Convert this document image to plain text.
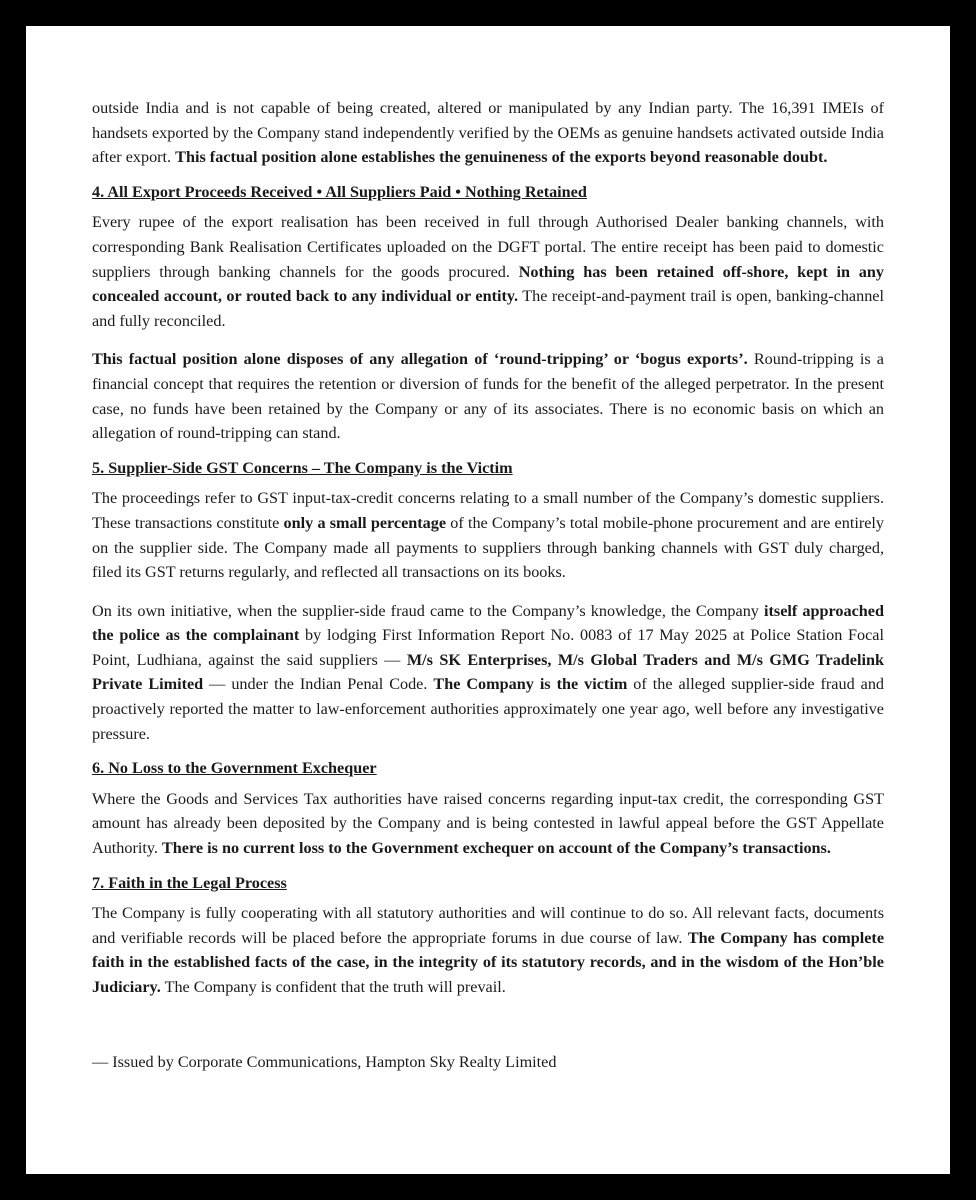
outside India and is not capable of being created, altered or manipulated by any Indian party. The 16,391 IMEIs of handsets exported by the Company stand independently verified by the OEMs as genuine handsets activated outside India after export. This factual position alone establishes the genuineness of the exports beyond reasonable doubt.

4. All Export Proceeds Received • All Suppliers Paid • Nothing Retained

Every rupee of the export realisation has been received in full through Authorised Dealer banking channels, with corresponding Bank Realisation Certificates uploaded on the DGFT portal. The entire receipt has been paid to domestic suppliers through banking channels for the goods procured. Nothing has been retained off-shore, kept in any concealed account, or routed back to any individual or entity. The receipt-and-payment trail is open, banking-channel and fully reconciled.

This factual position alone disposes of any allegation of ‘round-tripping’ or ‘bogus exports’. Round-tripping is a financial concept that requires the retention or diversion of funds for the benefit of the alleged perpetrator. In the present case, no funds have been retained by the Company or any of its associates. There is no economic basis on which an allegation of round-tripping can stand.

5. Supplier-Side GST Concerns – The Company is the Victim

The proceedings refer to GST input-tax-credit concerns relating to a small number of the Company’s domestic suppliers. These transactions constitute only a small percentage of the Company’s total mobile-phone procurement and are entirely on the supplier side. The Company made all payments to suppliers through banking channels with GST duly charged, filed its GST returns regularly, and reflected all transactions on its books.

On its own initiative, when the supplier-side fraud came to the Company’s knowledge, the Company itself approached the police as the complainant by lodging First Information Report No. 0083 of 17 May 2025 at Police Station Focal Point, Ludhiana, against the said suppliers — M/s SK Enterprises, M/s Global Traders and M/s GMG Tradelink Private Limited — under the Indian Penal Code. The Company is the victim of the alleged supplier-side fraud and proactively reported the matter to law-enforcement authorities approximately one year ago, well before any investigative pressure.

6. No Loss to the Government Exchequer

Where the Goods and Services Tax authorities have raised concerns regarding input-tax credit, the corresponding GST amount has already been deposited by the Company and is being contested in lawful appeal before the GST Appellate Authority. There is no current loss to the Government exchequer on account of the Company’s transactions.

7. Faith in the Legal Process

The Company is fully cooperating with all statutory authorities and will continue to do so. All relevant facts, documents and verifiable records will be placed before the appropriate forums in due course of law. The Company has complete faith in the established facts of the case, in the integrity of its statutory records, and in the wisdom of the Hon’ble Judiciary. The Company is confident that the truth will prevail.

— Issued by Corporate Communications, Hampton Sky Realty Limited
